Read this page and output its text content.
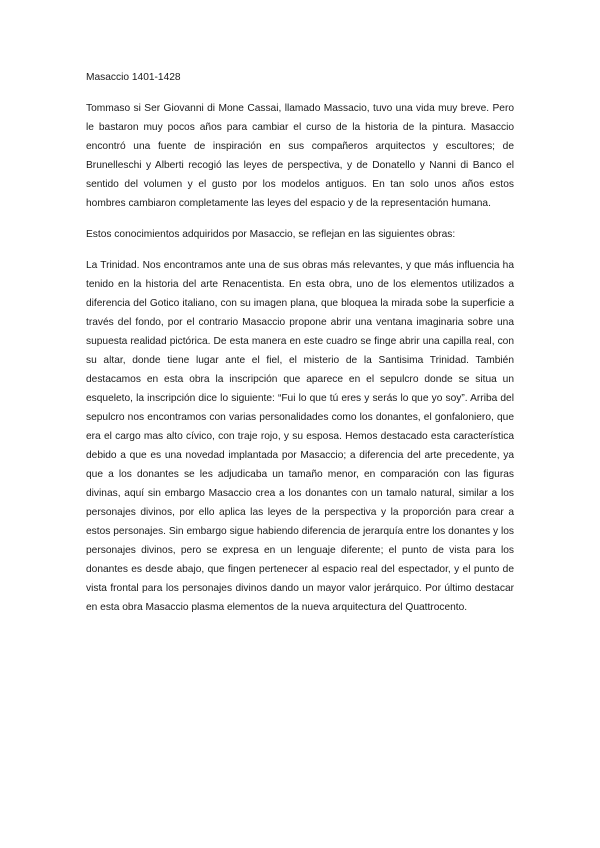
Masaccio 1401-1428

Tommaso si Ser Giovanni di Mone Cassai, llamado Massacio, tuvo una vida muy breve. Pero le bastaron muy pocos años para cambiar el curso de la historia de la pintura. Masaccio encontró una fuente de inspiración en sus compañeros arquitectos y escultores; de Brunelleschi y Alberti recogió las leyes de perspectiva, y de Donatello y Nanni di Banco el sentido del volumen y el gusto por los modelos antiguos. En tan solo unos años estos hombres cambiaron completamente las leyes del espacio y de la representación humana.

Estos conocimientos adquiridos por Masaccio, se reflejan en las siguientes obras:

La Trinidad. Nos encontramos ante una de sus obras más relevantes, y que más influencia ha tenido en la historia del arte Renacentista. En esta obra, uno de los elementos utilizados a diferencia del Gotico italiano, con su imagen plana, que bloquea la mirada sobe la superficie a través del fondo, por el contrario Masaccio propone abrir una ventana imaginaria sobre una supuesta realidad pictórica. De esta manera en este cuadro se finge abrir una capilla real, con su altar, donde tiene lugar ante el fiel, el misterio de la Santisima Trinidad. También destacamos en esta obra la inscripción que aparece en el sepulcro donde se situa un esqueleto, la inscripción dice lo siguiente: “Fui lo que tú eres y serás lo que yo soy”. Arriba del sepulcro nos encontramos con varias personalidades como los donantes, el gonfaloniero, que era el cargo mas alto cívico, con traje rojo, y su esposa. Hemos destacado esta característica debido a que es una novedad implantada por Masaccio; a diferencia del arte precedente, ya que a los donantes se les adjudicaba un tamaño menor, en comparación con las figuras divinas, aquí sin embargo Masaccio crea a los donantes con un tamalo natural, similar a los personajes divinos, por ello aplica las leyes de la perspectiva y la proporción para crear a estos personajes. Sin embargo sigue habiendo diferencia de jerarquía entre los donantes y los personajes divinos, pero se expresa en un lenguaje diferente; el punto de vista para los donantes es desde abajo, que fingen pertenecer al espacio real del espectador, y el punto de vista frontal para los personajes divinos dando un mayor valor jerárquico. Por último destacar en esta obra Masaccio plasma elementos de la nueva arquitectura del Quattrocento.
